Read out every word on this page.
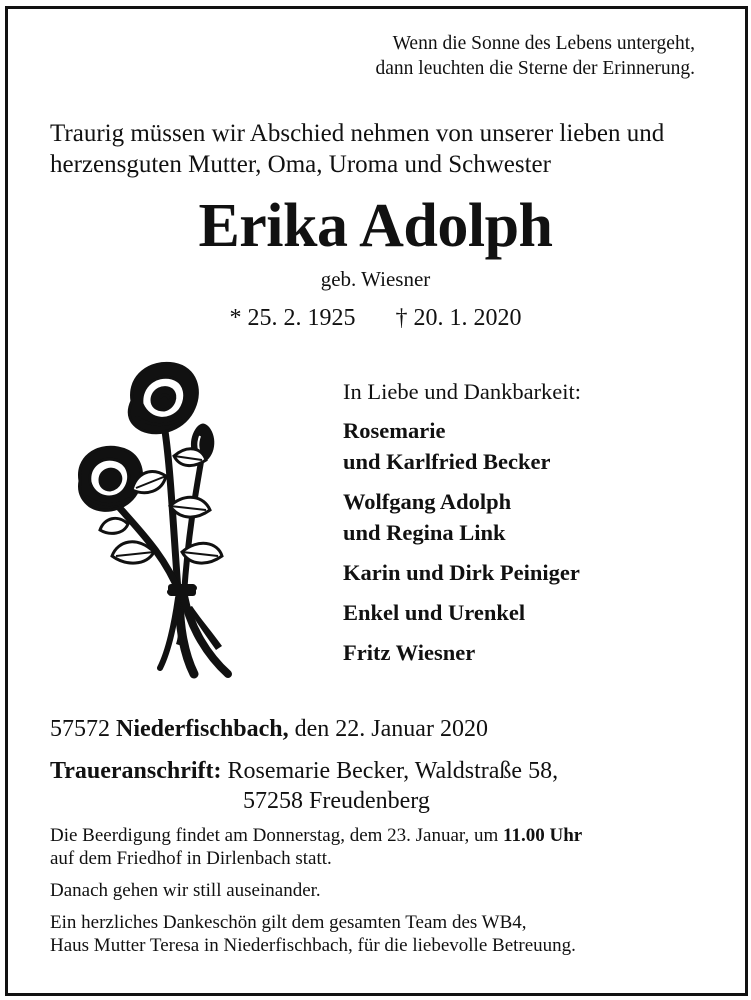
Wenn die Sonne des Lebens untergeht,
dann leuchten die Sterne der Erinnerung.
Traurig müssen wir Abschied nehmen von unserer lieben und
herzensguten Mutter, Oma, Uroma und Schwester
Erika Adolph
geb. Wiesner
* 25. 2. 1925 † 20. 1. 2020
In Liebe und Dankbarkeit:
Rosemarie
und Karlfried Becker
Wolfgang Adolph
und Regina Link
Karin und Dirk Peiniger
Enkel und Urenkel
Fritz Wiesner
57572 Niederfischbach, den 22. Januar 2020
Traueranschrift: Rosemarie Becker, Waldstraße 58,
57258 Freudenberg

Die Beerdigung findet am Donnerstag, dem 23. Januar, um 11.00 Uhr
auf dem Friedhof in Dirlenbach statt.

Danach gehen wir still auseinander.

Ein herzliches Dankeschön gilt dem gesamten Team des WB4,
Haus Mutter Teresa in Niederfischbach, für die liebevolle Betreuung.
